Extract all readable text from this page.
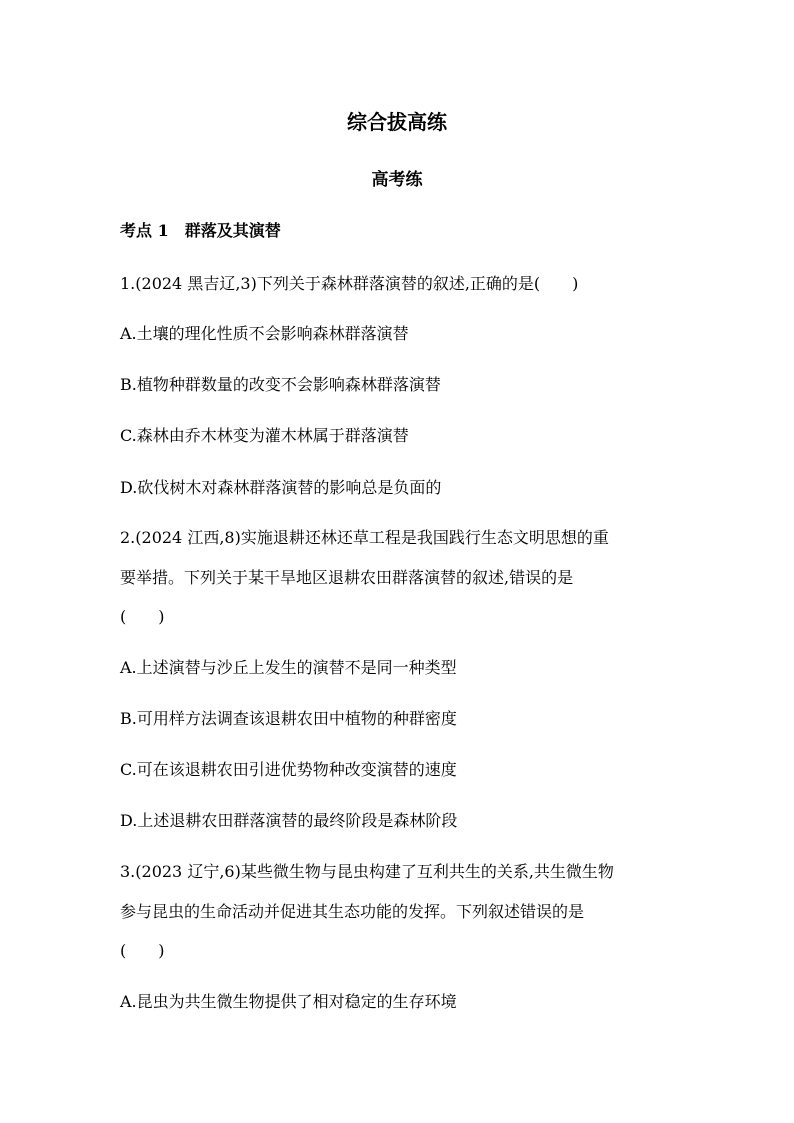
综合拔高练
高考练
考点 1　群落及其演替
1.(2024 黑吉辽,3)下列关于森林群落演替的叙述,正确的是(　　)
A.土壤的理化性质不会影响森林群落演替
B.植物种群数量的改变不会影响森林群落演替
C.森林由乔木林变为灌木林属于群落演替
D.砍伐树木对森林群落演替的影响总是负面的
2.(2024 江西,8)实施退耕还林还草工程是我国践行生态文明思想的重
要举措。下列关于某干旱地区退耕农田群落演替的叙述,错误的是
(　　)
A.上述演替与沙丘上发生的演替不是同一种类型
B.可用样方法调查该退耕农田中植物的种群密度
C.可在该退耕农田引进优势物种改变演替的速度
D.上述退耕农田群落演替的最终阶段是森林阶段
3.(2023 辽宁,6)某些微生物与昆虫构建了互利共生的关系,共生微生物
参与昆虫的生命活动并促进其生态功能的发挥。下列叙述错误的是
(　　)
A.昆虫为共生微生物提供了相对稳定的生存环境
